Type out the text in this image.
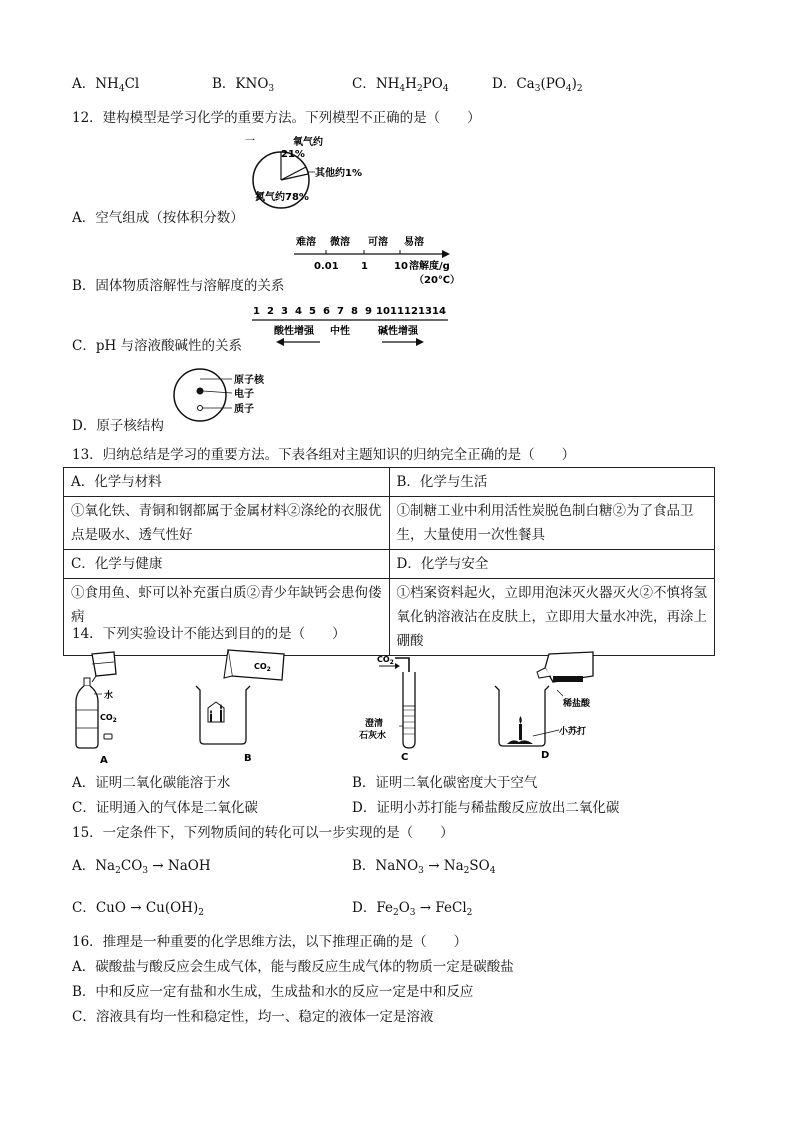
A．$NH_4Cl$	B．$KNO_3$	C．$NH_4H_2PO_4$	D．$Ca_3(PO_4)_2$
12．建构模型是学习化学的重要方法。下列模型不正确的是（　　）
一	氧气约
21%
其他约1%
氮气约78%
A．空气组成（按体积分数）
难溶 微溶 可溶 易溶
0.01 1	10 溶解度/g
（20℃）
B．固体物质溶解性与溶解度的关系
1 2 3 4 5 6 7 8 9 10 11 12 13 14
酸性增强 中性	碱性增强
C．pH 与溶液酸碱性的关系
原子核
电子
质子
D．原子核结构
13．归纳总结是学习的重要方法。下表各组对主题知识的归纳完全正确的是（　　）
A．化学与材料	B．化学与生活
①氧化铁、青铜和钢都属于金属材料②涤纶的衣服优点是吸水、透气性好	①制糖工业中利用活性炭脱色制白糖②为了食品卫生，大量使用一次性餐具
C．化学与健康	D．化学与安全
①食用鱼、虾可以补充蛋白质②青少年缺钙会患佝偻病	①档案资料起火，立即用泡沫灭火器灭火②不慎将氢氧化钠溶液沾在皮肤上，立即用大量水冲洗，再涂上硼酸
14．下列实验设计不能达到目的的是（　　）
水
$CO_2$
A
$CO_2$
B
$CO_2$
澄清
石灰水
C
稀盐酸
小苏打
D
A．证明二氧化碳能溶于水	B．证明二氧化碳密度大于空气
C．证明通入的气体是二氧化碳	D．证明小苏打能与稀盐酸反应放出二氧化碳
15．一定条件下，下列物质间的转化可以一步实现的是（　　）
A．$Na_2CO_3$ → NaOH	B．NaNO$_3$ → $Na_2SO_4$
C．CuO → $Cu(OH)_2$	D．$Fe_2O_3$ → FeCl$_2$
16．推理是一种重要的化学思维方法，以下推理正确的是（　　）
A．碳酸盐与酸反应会生成气体，能与酸反应生成气体的物质一定是碳酸盐
B．中和反应一定有盐和水生成，生成盐和水的反应一定是中和反应
C．溶液具有均一性和稳定性，均一、稳定的液体一定是溶液
